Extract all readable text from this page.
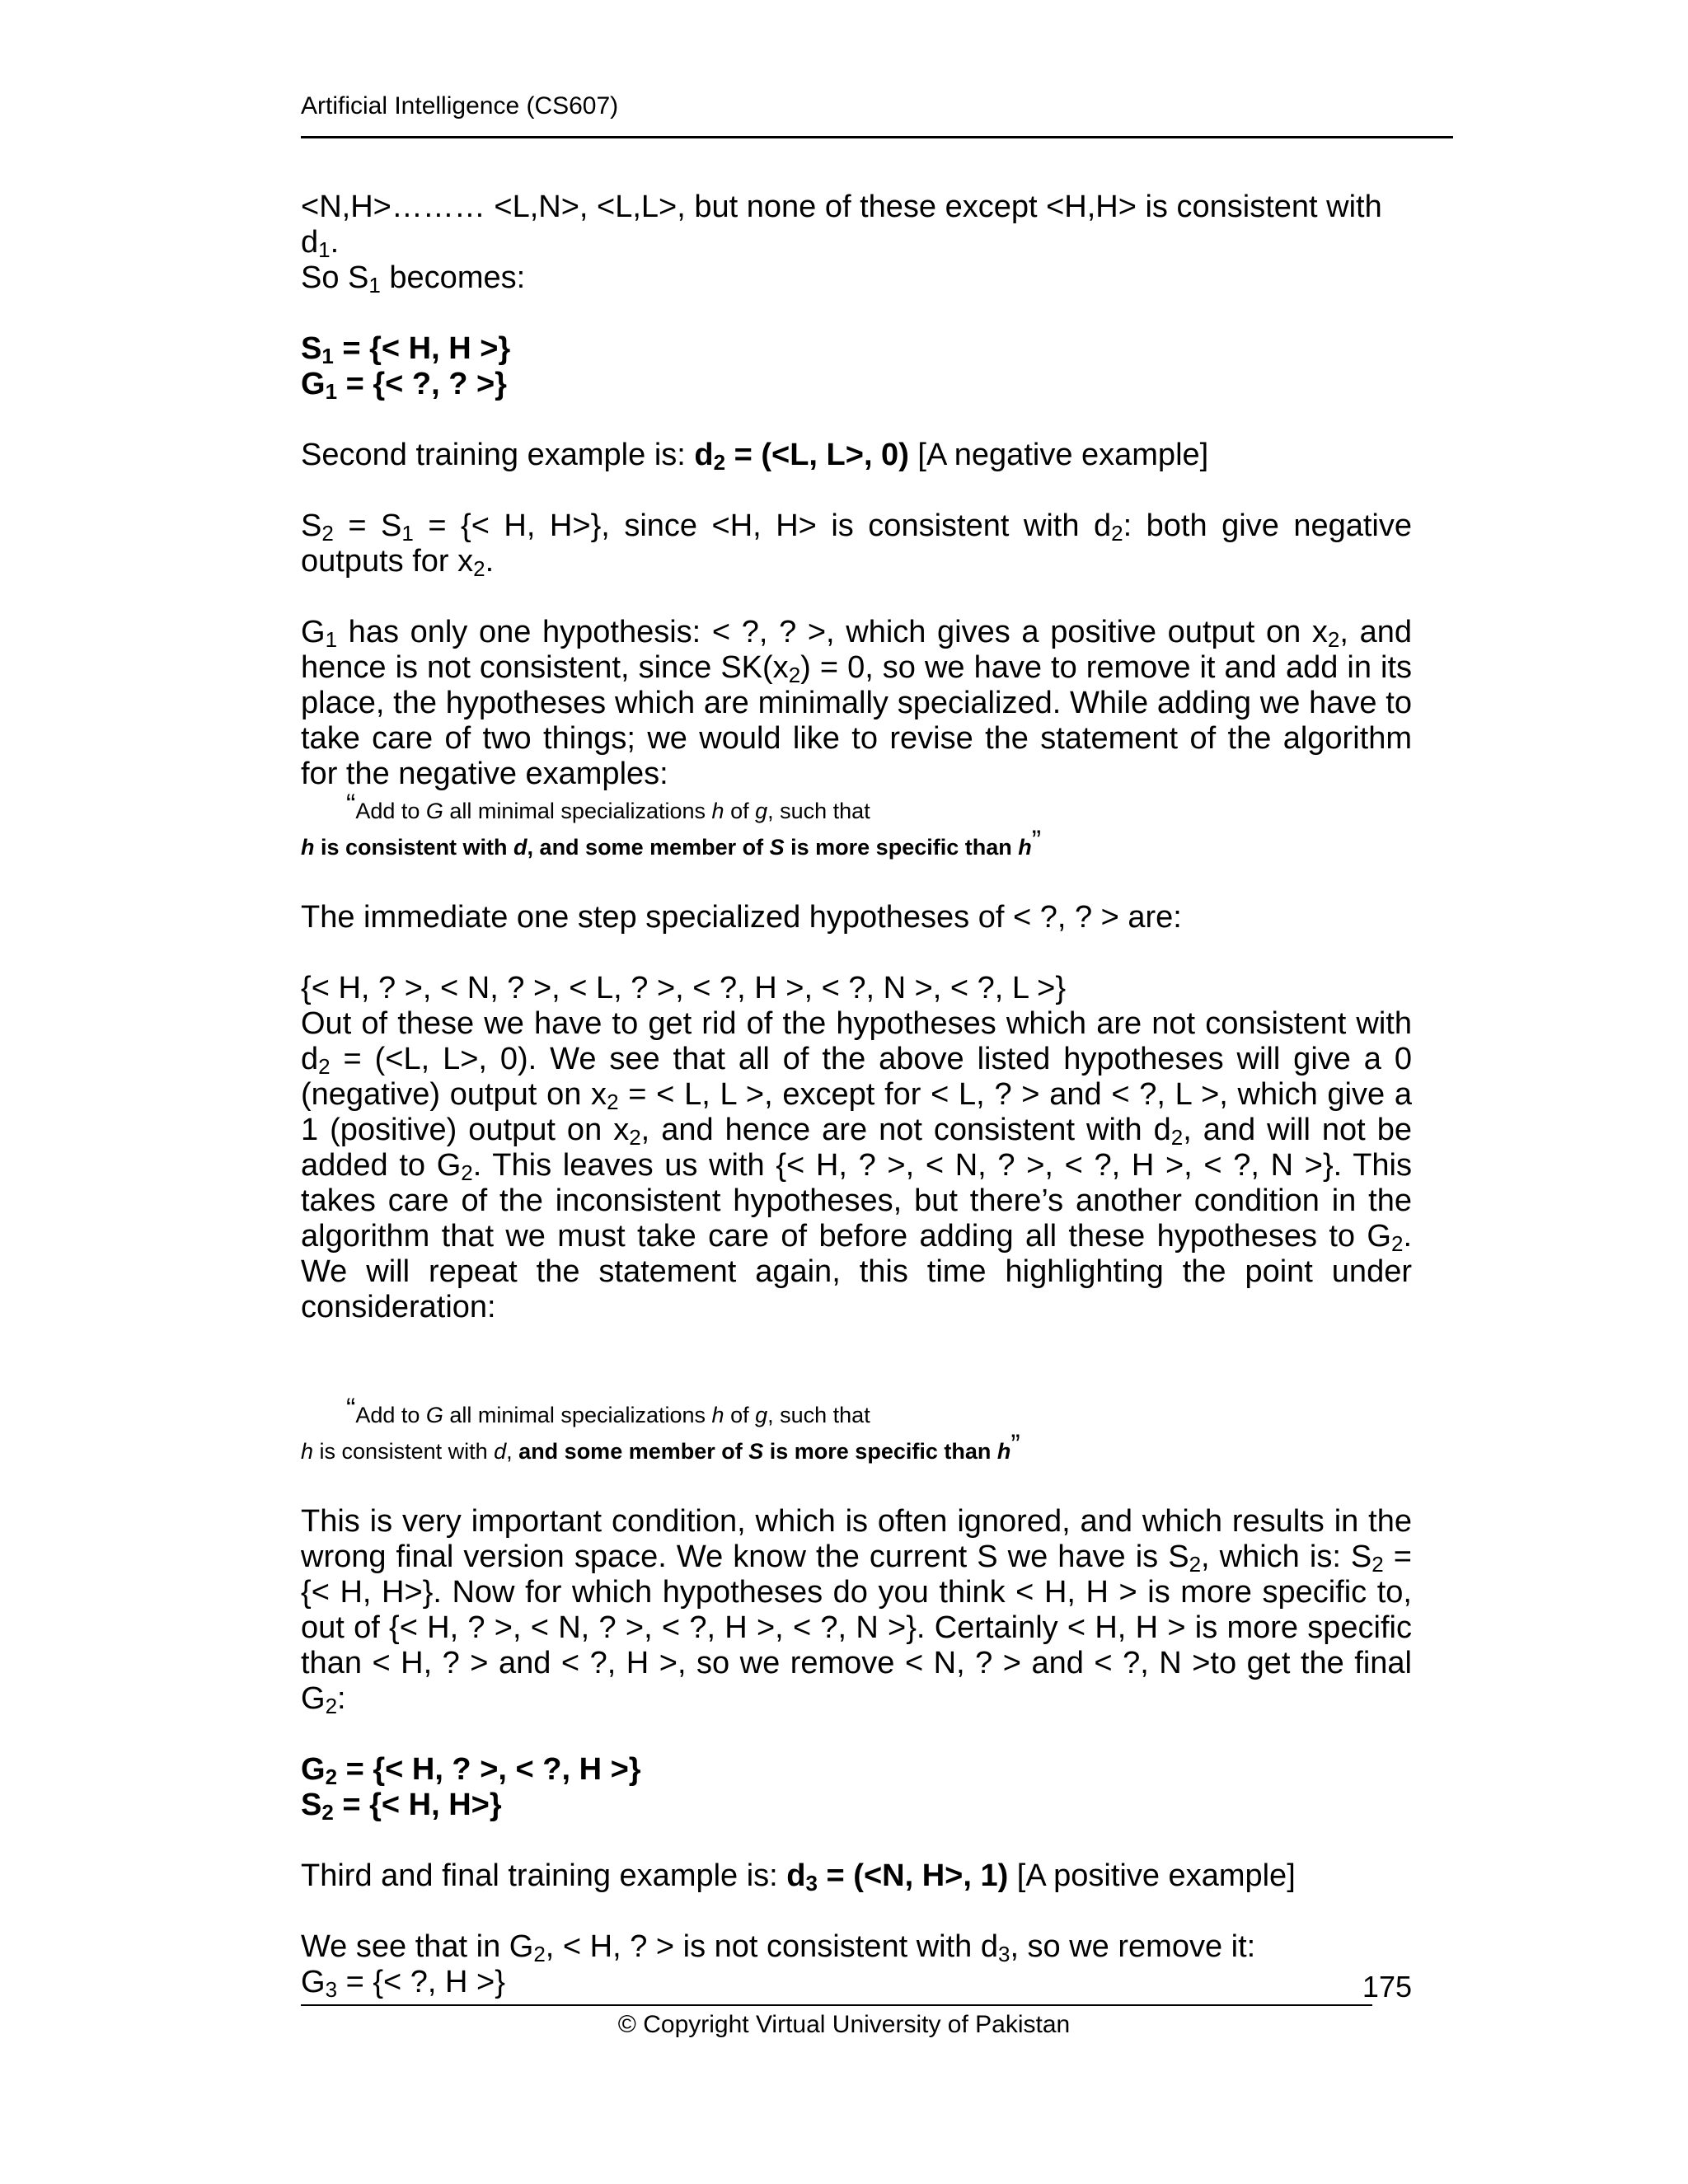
Artificial Intelligence (CS607)

<N,H>……… <L,N>, <L,L>, but none of these except <H,H> is consistent with $d_1$.
So $S_1$ becomes:

$S_1$ = {< H, H >}

$G_1$ = {< ?, ? >}

Second training example is: $d_2 = (<L$, L>, 0) [A negative example]

$S_2 = S_1$ = {< H, H>}, since <H, H> is consistent with $d_2$: both give negative outputs for $x_2$.

$G_1$ has only one hypothesis: < ?, ? >, which gives a positive output on $x_2$, and hence is not consistent, since $SK(x_2) = 0$, so we have to remove it and add in its place, the hypotheses which are minimally specialized. While adding we have to take care of two things; we would like to revise the statement of the algorithm for the negative examples:

“Add to G all minimal specializations h of g, such that
h is consistent with d, and some member of S is more specific than h”

The immediate one step specialized hypotheses of < ?, ? > are:

{< H, ? >, < N, ? >, < L, ? >, < ?, H >, < ?, N >, < ?, L >}

Out of these we have to get rid of the hypotheses which are not consistent with $d_2 = (<L$, L>, 0). We see that all of the above listed hypotheses will give a 0 (negative) output on $x_2$ = < L, L >, except for < L, ? > and < ?, L >, which give a 1 (positive) output on $x_2$, and hence are not consistent with $d_2$, and will not be added to $G_2$. This leaves us with {< H, ? >, < N, ? >, < ?, H >, < ?, N >}. This takes care of the inconsistent hypotheses, but there’s another condition in the algorithm that we must take care of before adding all these hypotheses to $G_2$. We will repeat the statement again, this time highlighting the point under consideration:

“Add to G all minimal specializations h of g, such that
h is consistent with d, and some member of S is more specific than h”

This is very important condition, which is often ignored, and which results in the wrong final version space. We know the current S we have is $S_2$, which is: $S_2$ = {< H, H>}. Now for which hypotheses do you think < H, H > is more specific to, out of {< H, ? >, < N, ? >, < ?, H >, < ?, N >}. Certainly < H, H > is more specific than < H, ? > and < ?, H >, so we remove < N, ? > and < ?, N >to get the final $G_2$:

$G_2$ = {< H, ? >, < ?, H >}

$S_2$ = {< H, H>}

Third and final training example is: $d_3 = (<N$, H>, 1) [A positive example]

We see that in $G_2$, < H, ? > is not consistent with $d_3$, so we remove it:

$G_3$ = {< ?, H >}	175
© Copyright Virtual University of Pakistan
